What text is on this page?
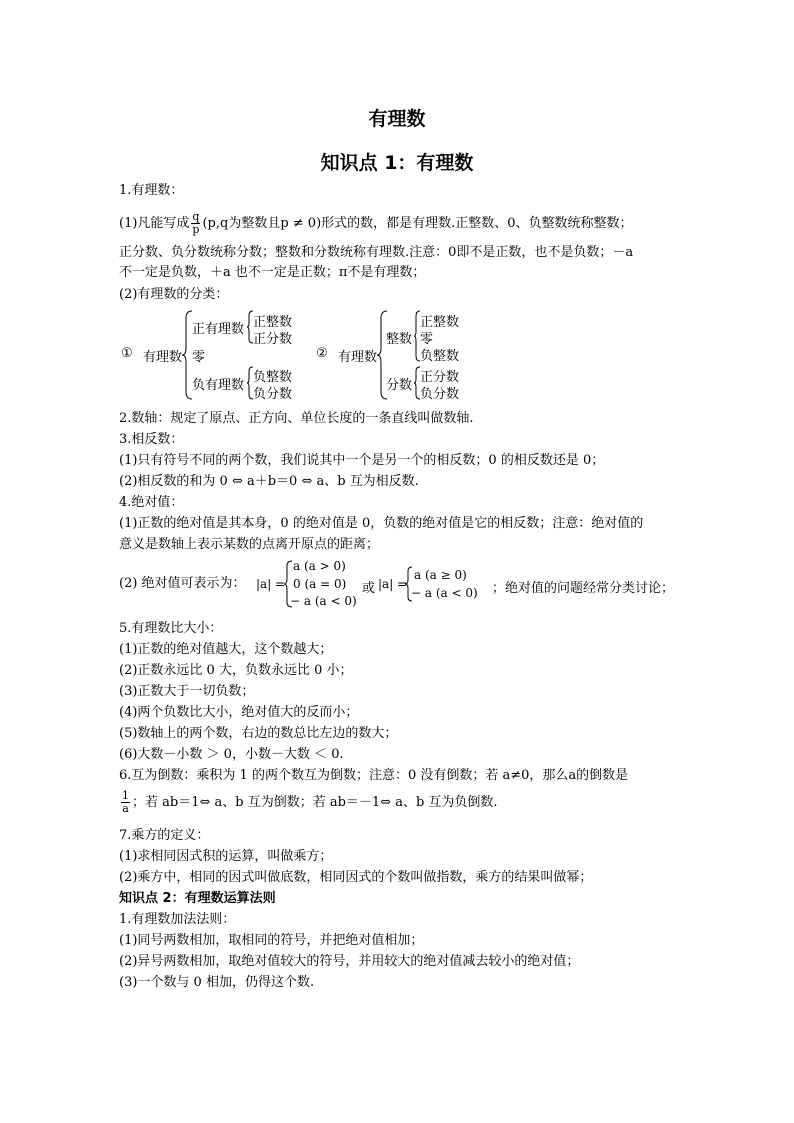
有理数
知识点 1：有理数
1.有理数：
(1)凡能写成 $\frac{q}{p} (p,q$为整数且p ≠ 0)形式的数，都是有理数.正整数、0、负整数统称整数；
正分数、负分数统称分数；整数和分数统称有理数.注意：0即不是正数，也不是负数；－a
不一定是负数，＋a 也不一定是正数；π不是有理数；
(2)有理数的分类：
① 有理数
正有理数 正整数
正分数
零
负有理数
负整数
负分数
② 有理数
整数
正整数
零
负整数
分数
正分数
负分数
2.数轴：规定了原点、正方向、单位长度的一条直线叫做数轴.
3.相反数：
(1)只有符号不同的两个数，我们说其中一个是另一个的相反数；0 的相反数还是 0；
(2)相反数的和为 0 ⇔ a＋b＝0 ⇔ a、b 互为相反数.
4.绝对值：
(1)正数的绝对值是其本身，0 的绝对值是 0，负数的绝对值是它的相反数；注意：绝对值的
意义是数轴上表示某数的点离开原点的距离；
(2) 绝对值可表示为： |a| =
a (a > 0)
0 (a = 0)
− a (a < 0)
或 |a| =
a (a ≥ 0)
− a (a < 0) ；绝对值的问题经常分类讨论；
5.有理数比大小：
(1)正数的绝对值越大，这个数越大；
(2)正数永远比 0 大，负数永远比 0 小；
(3)正数大于一切负数；
(4)两个负数比大小，绝对值大的反而小；
(5)数轴上的两个数，右边的数总比左边的数大；
(6)大数－小数 ＞ 0，小数－大数 ＜ 0.
6.互为倒数：乘积为 1 的两个数互为倒数；注意：0 没有倒数；若 a≠0，那么a的倒数是
$\frac{1}{a}$ ；若 ab＝1⇔ a、b 互为倒数；若 ab＝－1⇔ a、b 互为负倒数.
7.乘方的定义：
(1)求相同因式积的运算，叫做乘方；
(2)乘方中，相同的因式叫做底数，相同因式的个数叫做指数，乘方的结果叫做幂；
知识点 2：有理数运算法则
1.有理数加法法则：
(1)同号两数相加，取相同的符号，并把绝对值相加；
(2)异号两数相加，取绝对值较大的符号，并用较大的绝对值减去较小的绝对值；
(3)一个数与 0 相加，仍得这个数.
